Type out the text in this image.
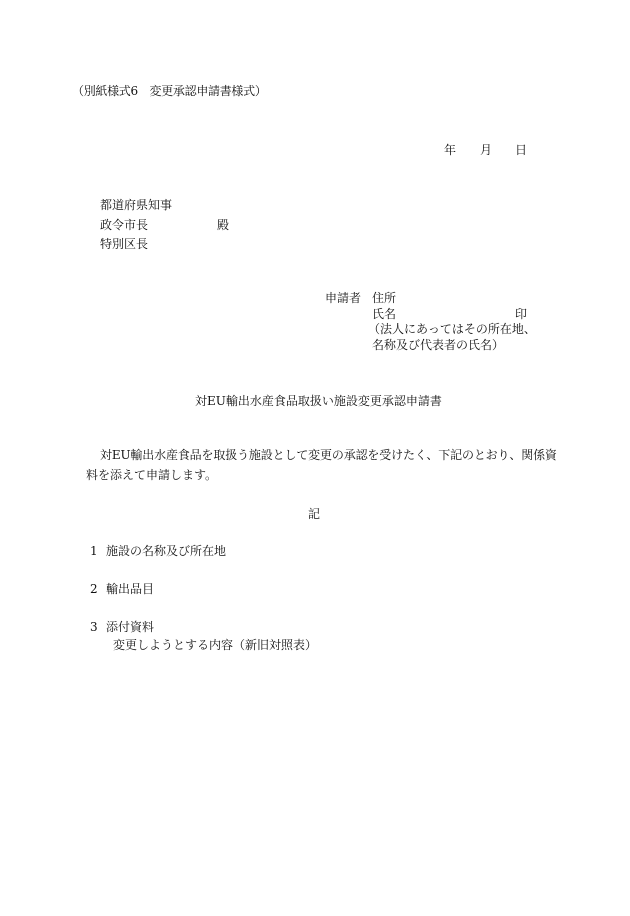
（別紙様式6　変更承認申請書様式）
年 月 日
都道府県知事
政令市長	殿
特別区長
申請者 住所
氏名	印
（法人にあってはその所在地、
名称及び代表者の氏名）
対EU輸出水産食品取扱い施設変更承認申請書
対EU輸出水産食品を取扱う施設として変更の承認を受けたく、下記のとおり、関係資
料を添えて申請します。
記
1 施設の名称及び所在地
2 輸出品目
3 添付資料
変更しようとする内容（新旧対照表）
